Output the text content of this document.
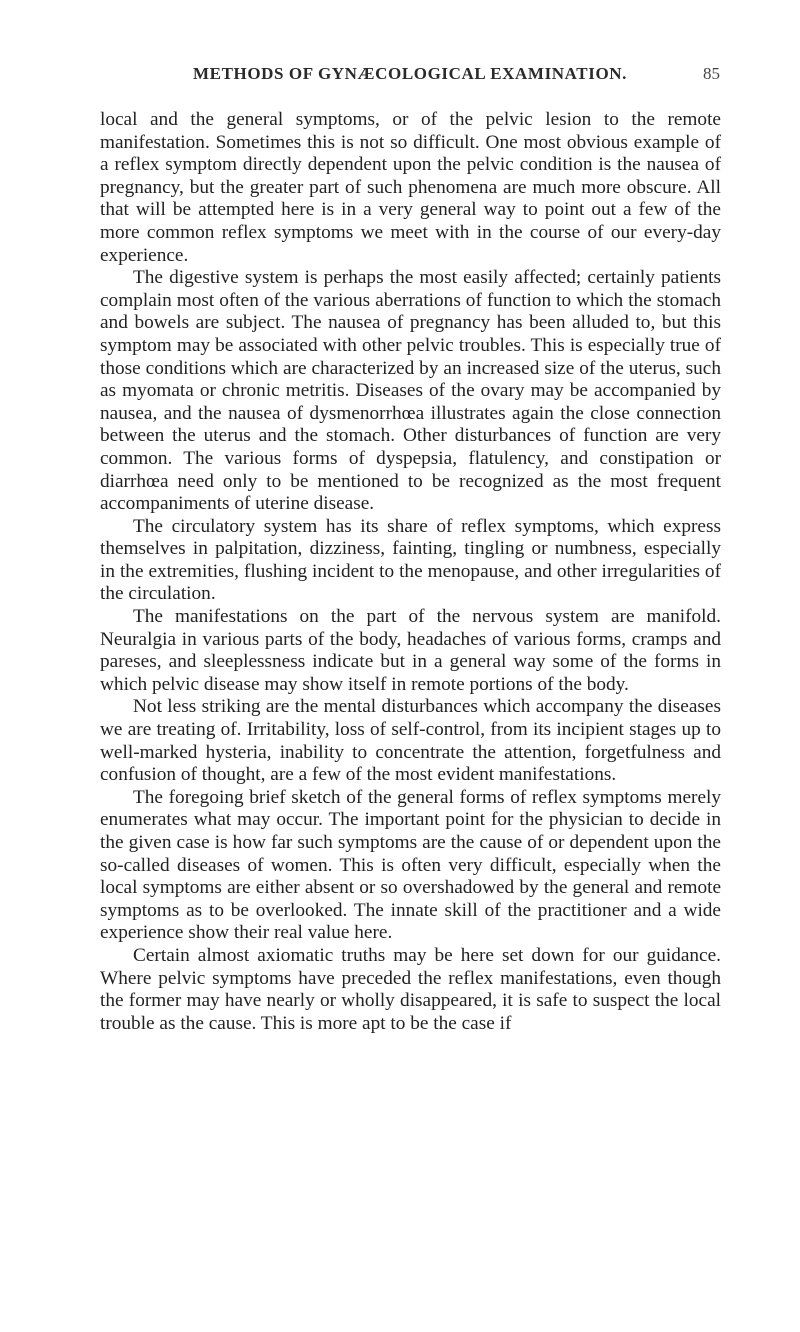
METHODS OF GYNÆCOLOGICAL EXAMINATION.	85

local and the general symptoms, or of the pelvic lesion to the remote manifestation. Sometimes this is not so difficult. One most obvious example of a reflex symptom directly dependent upon the pelvic condition is the nausea of pregnancy, but the greater part of such phenomena are much more obscure. All that will be attempted here is in a very general way to point out a few of the more common reflex symptoms we meet with in the course of our every-day experience.

The digestive system is perhaps the most easily affected; certainly patients complain most often of the various aberrations of function to which the stomach and bowels are subject. The nausea of pregnancy has been alluded to, but this symptom may be associated with other pelvic troubles. This is especially true of those conditions which are characterized by an increased size of the uterus, such as myomata or chronic metritis. Diseases of the ovary may be accompanied by nausea, and the nausea of dysmenorrhœa illustrates again the close connection between the uterus and the stomach. Other disturbances of function are very common. The various forms of dyspepsia, flatulency, and constipation or diarrhœa need only to be mentioned to be recognized as the most frequent accompaniments of uterine disease.

The circulatory system has its share of reflex symptoms, which express themselves in palpitation, dizziness, fainting, tingling or numbness, especially in the extremities, flushing incident to the menopause, and other irregularities of the circulation.

The manifestations on the part of the nervous system are manifold. Neuralgia in various parts of the body, headaches of various forms, cramps and pareses, and sleeplessness indicate but in a general way some of the forms in which pelvic disease may show itself in remote portions of the body.

Not less striking are the mental disturbances which accompany the diseases we are treating of. Irritability, loss of self-control, from its incipient stages up to well-marked hysteria, inability to concentrate the attention, forgetfulness and confusion of thought, are a few of the most evident manifestations.

The foregoing brief sketch of the general forms of reflex symptoms merely enumerates what may occur. The important point for the physician to decide in the given case is how far such symptoms are the cause of or dependent upon the so-called diseases of women. This is often very difficult, especially when the local symptoms are either absent or so overshadowed by the general and remote symptoms as to be overlooked. The innate skill of the practitioner and a wide experience show their real value here.

Certain almost axiomatic truths may be here set down for our guidance. Where pelvic symptoms have preceded the reflex manifestations, even though the former may have nearly or wholly disappeared, it is safe to suspect the local trouble as the cause. This is more apt to be the case if
